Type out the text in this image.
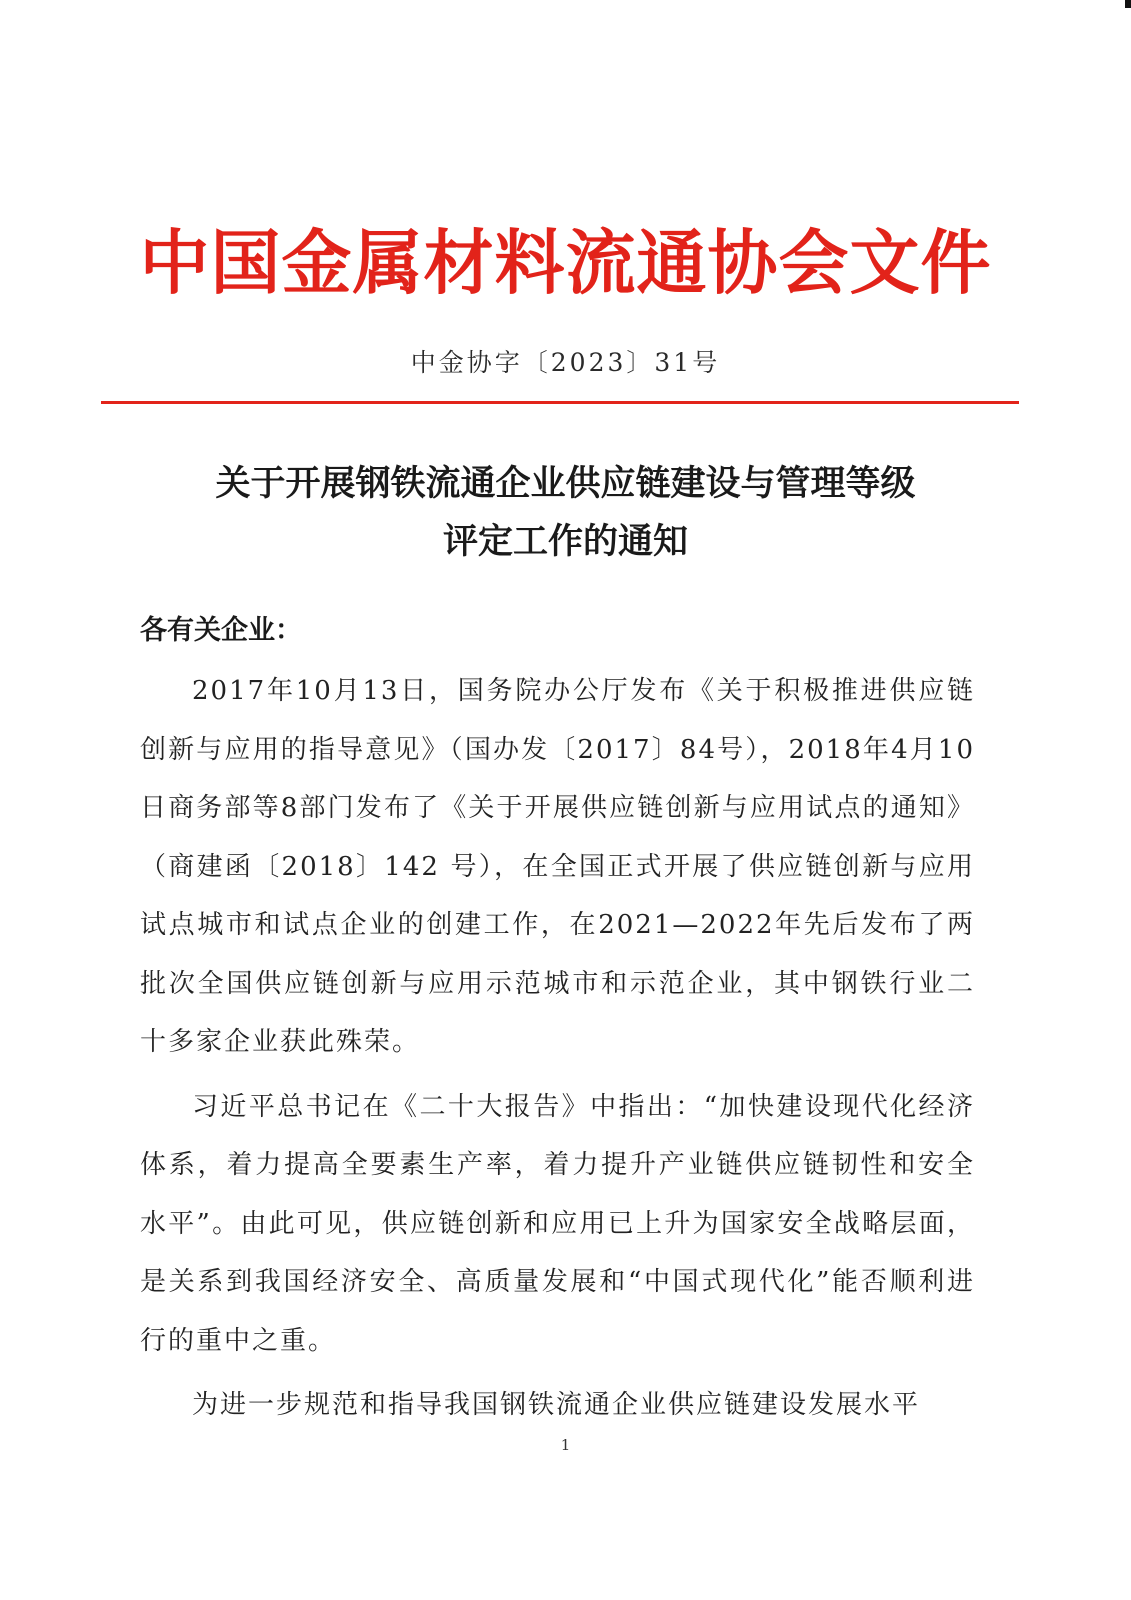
中国金属材料流通协会文件
中金协字〔2023〕31号
关于开展钢铁流通企业供应链建设与管理等级
评定工作的通知
各有关企业：

2017年10月13日，国务院办公厅发布《关于积极推进供应链创新与应用的指导意见》（国办发〔2017〕84号），2018年4月10日商务部等8部门发布了《关于开展供应链创新与应用试点的通知》（商建函〔2018〕142 号），在全国正式开展了供应链创新与应用试点城市和试点企业的创建工作，在2021—2022年先后发布了两批次全国供应链创新与应用示范城市和示范企业，其中钢铁行业二十多家企业获此殊荣。

习近平总书记在《二十大报告》中指出：“加快建设现代化经济体系，着力提高全要素生产率，着力提升产业链供应链韧性和安全水平”。由此可见，供应链创新和应用已上升为国家安全战略层面，是关系到我国经济安全、高质量发展和“中国式现代化”能否顺利进行的重中之重。

为进一步规范和指导我国钢铁流通企业供应链建设发展水平

1
